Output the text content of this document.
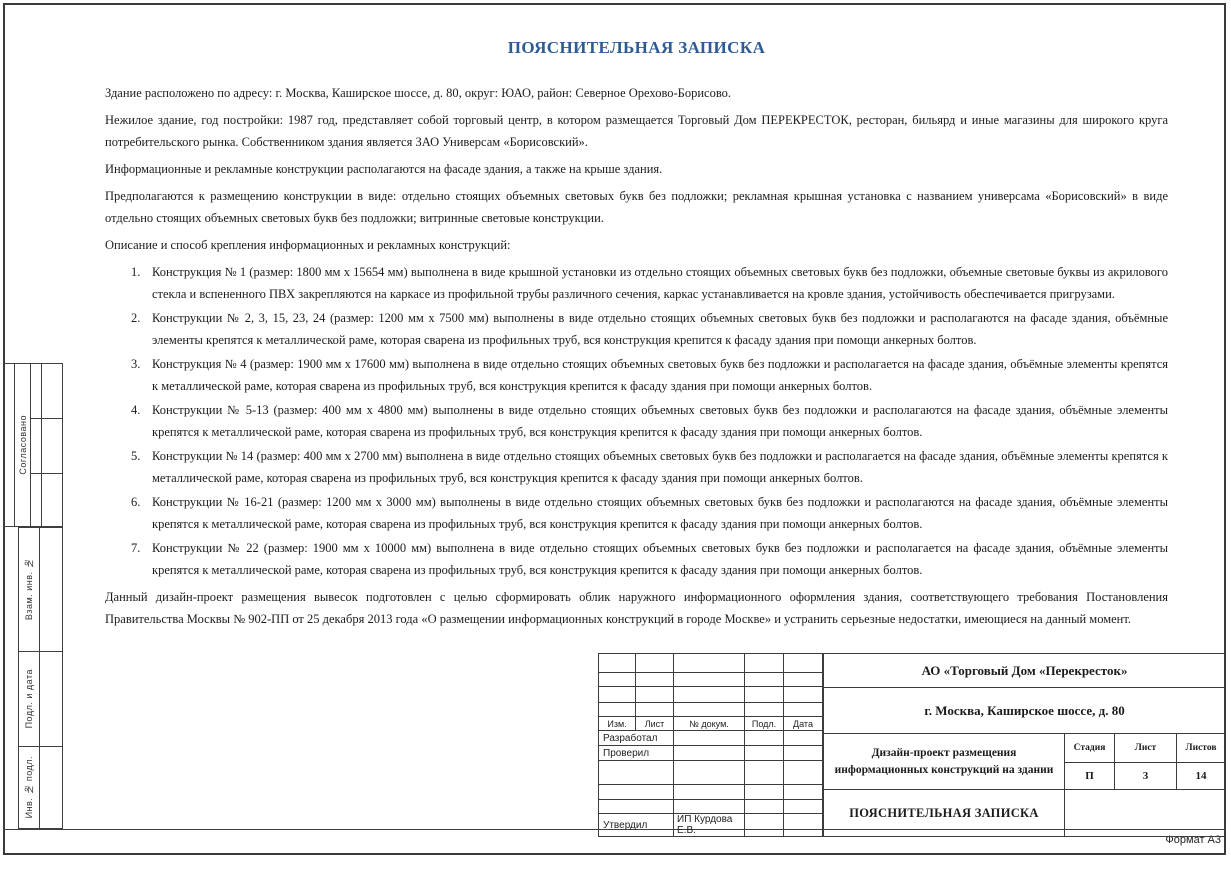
Формат А3
Согласовано
Взам. инв. №
Подл. и дата
Инв. № подл.
ПОЯСНИТЕЛЬНАЯ ЗАПИСКА

Здание расположено по адресу: г. Москва, Каширское шоссе, д. 80, округ: ЮАО, район: Северное Орехово-Борисово.

Нежилое здание, год постройки: 1987 год, представляет собой торговый центр, в котором размещается Торговый Дом ПЕРЕКРЕСТОК, ресторан, бильярд и иные магазины для широкого круга потребительского рынка. Собственником здания является ЗАО Универсам «Борисовский».

Информационные и рекламные конструкции располагаются на фасаде здания, а также на крыше здания.

Предполагаются к размещению конструкции в виде: отдельно стоящих объемных световых букв без подложки; рекламная крышная установка с названием универсама «Борисовский» в виде отдельно стоящих объемных световых букв без подложки; витринные световые конструкции.

Описание и способ крепления информационных и рекламных конструкций:

1. Конструкция № 1 (размер: 1800 мм х 15654 мм) выполнена в виде крышной установки из отдельно стоящих объемных световых букв без подложки, объемные световые буквы из акрилового стекла и вспененного ПВХ закрепляются на каркасе из профильной трубы различного сечения, каркас устанавливается на кровле здания, устойчивость обеспечивается пригрузами.
2. Конструкции № 2, 3, 15, 23, 24 (размер: 1200 мм х 7500 мм) выполнены в виде отдельно стоящих объемных световых букв без подложки и располагаются на фасаде здания, объёмные элементы крепятся к металлической раме, которая сварена из профильных труб, вся конструкция крепится к фасаду здания при помощи анкерных болтов.
3. Конструкция № 4 (размер: 1900 мм х 17600 мм) выполнена в виде отдельно стоящих объемных световых букв без подложки и располагается на фасаде здания, объёмные элементы крепятся к металлической раме, которая сварена из профильных труб, вся конструкция крепится к фасаду здания при помощи анкерных болтов.
4. Конструкции № 5-13 (размер: 400 мм х 4800 мм) выполнены в виде отдельно стоящих объемных световых букв без подложки и располагаются на фасаде здания, объёмные элементы крепятся к металлической раме, которая сварена из профильных труб, вся конструкция крепится к фасаду здания при помощи анкерных болтов.
5. Конструкции № 14 (размер: 400 мм х 2700 мм) выполнена в виде отдельно стоящих объемных световых букв без подложки и располагается на фасаде здания, объёмные элементы крепятся к металлической раме, которая сварена из профильных труб, вся конструкция крепится к фасаду здания при помощи анкерных болтов.
6. Конструкции № 16-21 (размер: 1200 мм х 3000 мм) выполнены в виде отдельно стоящих объемных световых букв без подложки и располагаются на фасаде здания, объёмные элементы крепятся к металлической раме, которая сварена из профильных труб, вся конструкция крепится к фасаду здания при помощи анкерных болтов.
7. Конструкции № 22 (размер: 1900 мм х 10000 мм) выполнена в виде отдельно стоящих объемных световых букв без подложки и располагается на фасаде здания, объёмные элементы крепятся к металлической раме, которая сварена из профильных труб, вся конструкция крепится к фасаду здания при помощи анкерных болтов.

Данный дизайн-проект размещения вывесок подготовлен с целью сформировать облик наружного информационного оформления здания, соответствующего требования Постановления Правительства Москвы № 902-ПП от 25 декабря 2013 года «О размещении информационных конструкций в городе Москве» и устранить серьезные недостатки, имеющиеся на данный момент.

Изм.	Лист	№ докум.	Подл.	Дата
Разработал				
Проверил				

Утвердил		ИП Курдова Е.В.		
АО «Торговый Дом «Перекресток»			
г. Москва, Каширское шоссе, д. 80			
Дизайн-проект размещения информационных конструкций на здании	Стадия	Лист	Листов
	П	3	14
ПОЯСНИТЕЛЬНАЯ ЗАПИСКА			
